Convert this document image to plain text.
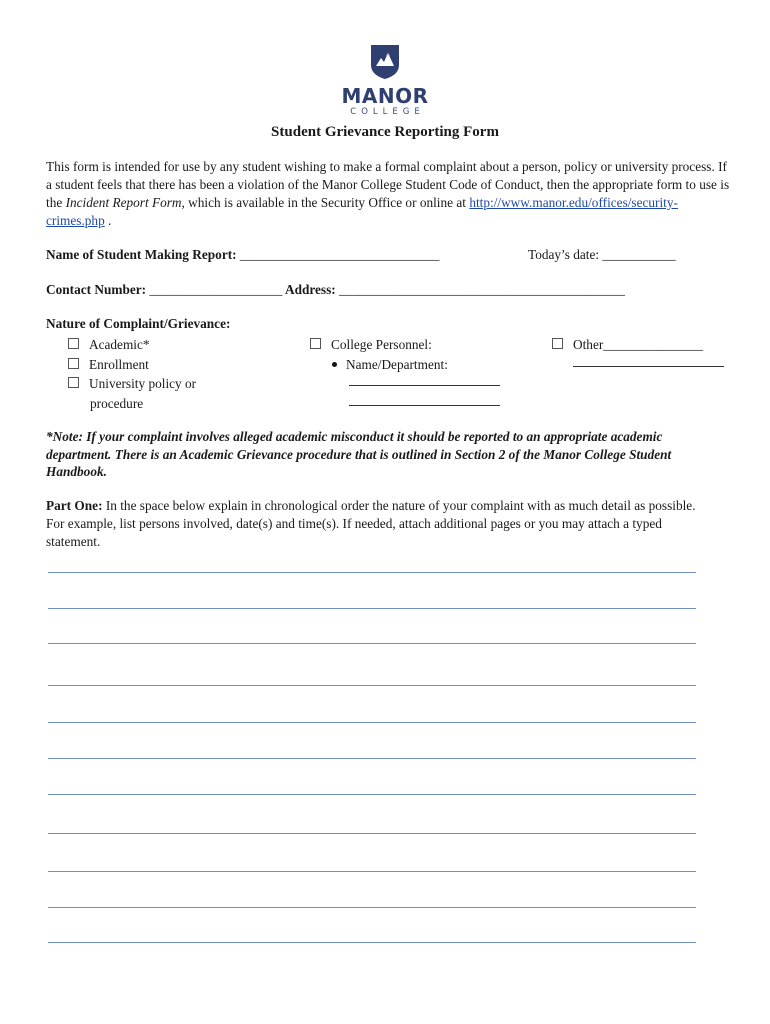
MANOR
COLLEGE
Student Grievance Reporting Form
This form is intended for use by any student wishing to make a formal complaint about a person, policy or university process. If a student feels that there has been a violation of the Manor College Student Code of Conduct, then the appropriate form to use is the Incident Report Form, which is available in the Security Office or online at http://www.manor.edu/offices/security-crimes.php .
Name of Student Making Report: ______________________________	Today’s date: ___________
Contact Number: ____________________ Address: ___________________________________________
Nature of Complaint/Grievance:
Academic*
Enrollment
University policy or
procedure
College Personnel:
Name/Department:
Other_______________
*Note: If your complaint involves alleged academic misconduct it should be reported to an appropriate academic department. There is an Academic Grievance procedure that is outlined in Section 2 of the Manor College Student Handbook.
Part One: In the space below explain in chronological order the nature of your complaint with as much detail as possible. For example, list persons involved, date(s) and time(s). If needed, attach additional pages or you may attach a typed statement.
